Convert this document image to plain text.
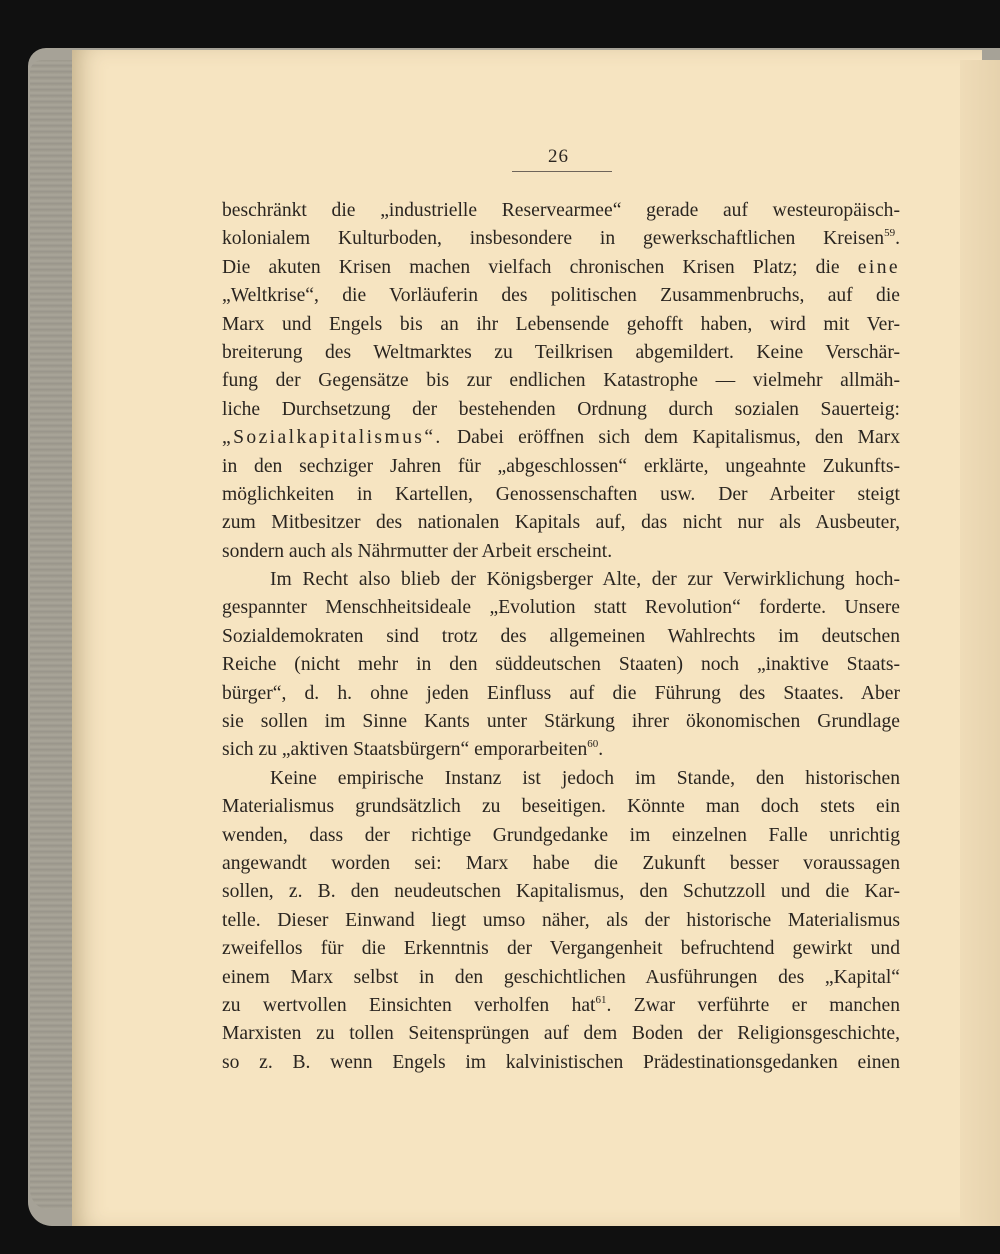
26
beschränkt die „industrielle Reservearmee“ gerade auf westeuropäisch-
kolonialem Kulturboden, insbesondere in gewerkschaftlichen Kreisen$^{59}$.
Die akuten Krisen machen vielfach chronischen Krisen Platz; die eine
„Weltkrise“, die Vorläuferin des politischen Zusammenbruchs, auf die
Marx und Engels bis an ihr Lebensende gehofft haben, wird mit Ver-
breiterung des Weltmarktes zu Teilkrisen abgemildert. Keine Verschär-
fung der Gegensätze bis zur endlichen Katastrophe — vielmehr allmäh-
liche Durchsetzung der bestehenden Ordnung durch sozialen Sauerteig:
„Sozialkapitalismus“. Dabei eröffnen sich dem Kapitalismus, den Marx
in den sechziger Jahren für „abgeschlossen“ erklärte, ungeahnte Zukunfts-
möglichkeiten in Kartellen, Genossenschaften usw. Der Arbeiter steigt
zum Mitbesitzer des nationalen Kapitals auf, das nicht nur als Ausbeuter,
sondern auch als Nährmutter der Arbeit erscheint.
Im Recht also blieb der Königsberger Alte, der zur Verwirklichung hoch-
gespannter Menschheitsideale „Evolution statt Revolution“ forderte. Unsere
Sozialdemokraten sind trotz des allgemeinen Wahlrechts im deutschen
Reiche (nicht mehr in den süddeutschen Staaten) noch „inaktive Staats-
bürger“, d. h. ohne jeden Einfluss auf die Führung des Staates. Aber
sie sollen im Sinne Kants unter Stärkung ihrer ökonomischen Grundlage
sich zu „aktiven Staatsbürgern“ emporarbeiten$^{60}$.
Keine empirische Instanz ist jedoch im Stande, den historischen
Materialismus grundsätzlich zu beseitigen. Könnte man doch stets ein
wenden, dass der richtige Grundgedanke im einzelnen Falle unrichtig
angewandt worden sei: Marx habe die Zukunft besser voraussagen
sollen, z. B. den neudeutschen Kapitalismus, den Schutzzoll und die Kar-
telle. Dieser Einwand liegt umso näher, als der historische Materialismus
zweifellos für die Erkenntnis der Vergangenheit befruchtend gewirkt und
einem Marx selbst in den geschichtlichen Ausführungen des „Kapital“
zu wertvollen Einsichten verholfen hat$^{61}$. Zwar verführte er manchen
Marxisten zu tollen Seitensprüngen auf dem Boden der Religionsgeschichte,
so z. B. wenn Engels im kalvinistischen Prädestinationsgedanken einen
